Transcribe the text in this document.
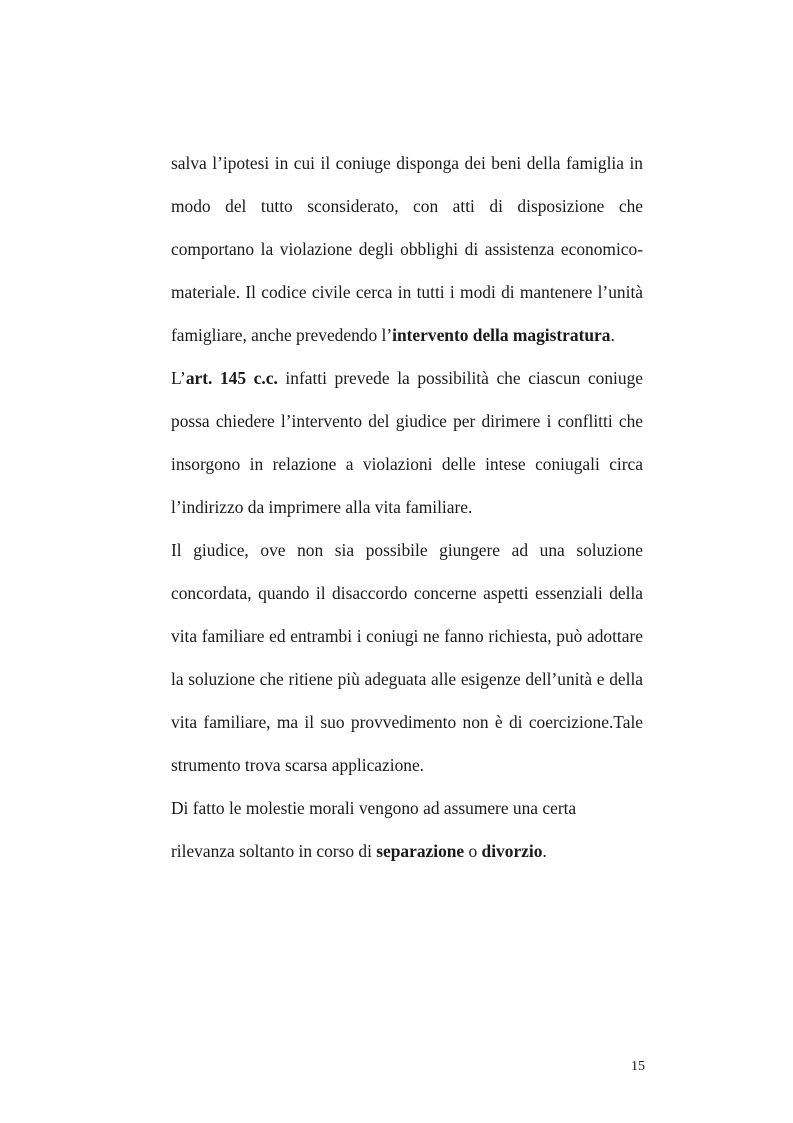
salva l’ipotesi in cui il coniuge disponga dei beni della famiglia in modo del tutto sconsiderato, con atti di disposizione che comportano la violazione degli obblighi di assistenza economico-materiale. Il codice civile cerca in tutti i modi di mantenere l’unità famigliare, anche prevedendo l’intervento della magistratura.

L’art. 145 c.c. infatti prevede la possibilità che ciascun coniuge possa chiedere l’intervento del giudice per dirimere i conflitti che insorgono in relazione a violazioni delle intese coniugali circa l’indirizzo da imprimere alla vita familiare.

Il giudice, ove non sia possibile giungere ad una soluzione concordata, quando il disaccordo concerne aspetti essenziali della vita familiare ed entrambi i coniugi ne fanno richiesta, può adottare la soluzione che ritiene più adeguata alle esigenze dell’unità e della vita familiare, ma il suo provvedimento non è di coercizione.Tale strumento trova scarsa applicazione.

Di fatto le molestie morali vengono ad assumere una certa rilevanza soltanto in corso di separazione o divorzio.

15
